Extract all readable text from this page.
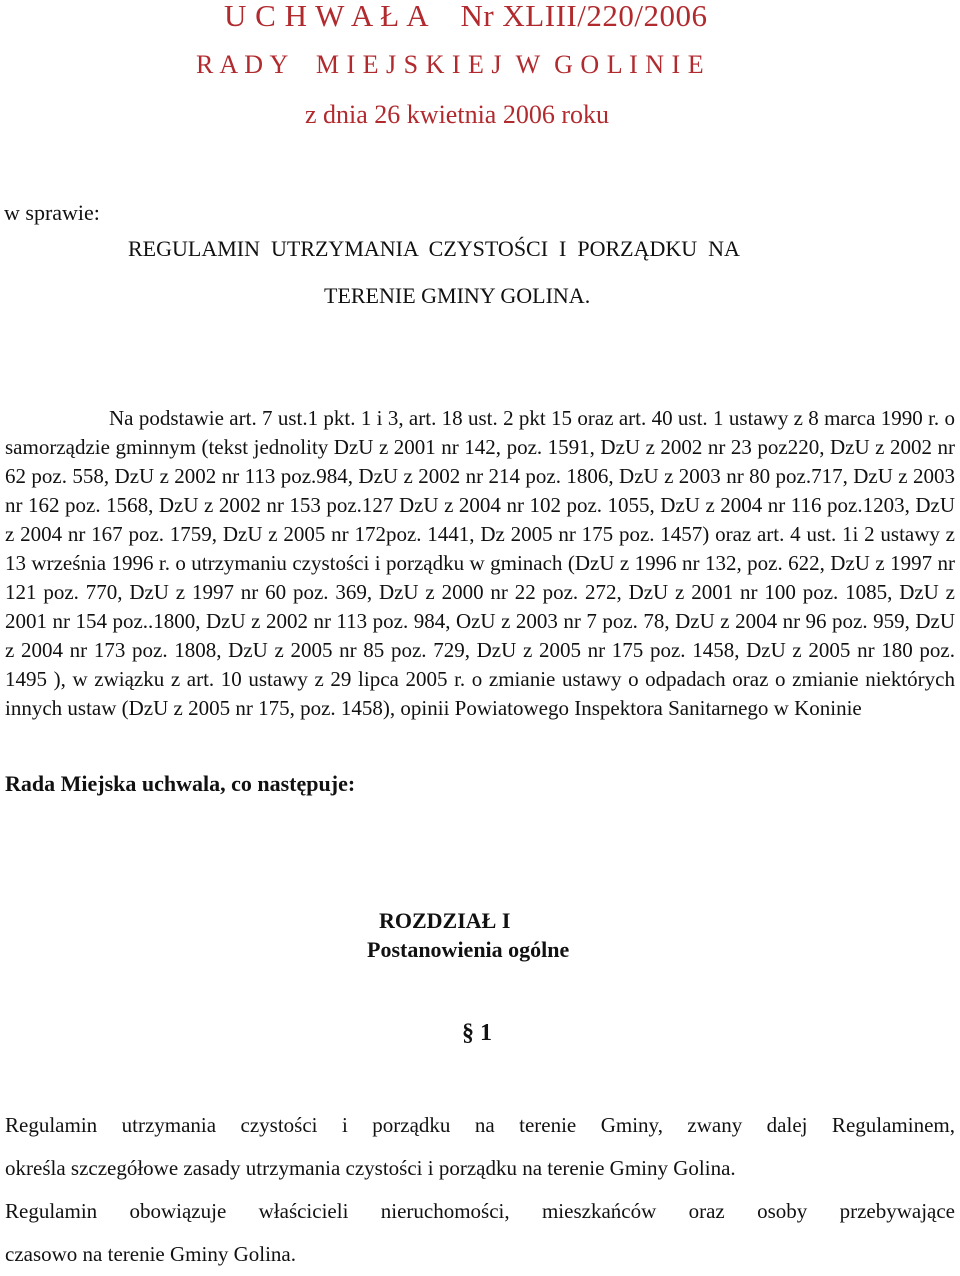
U C H W A Ł A    Nr XLIII/220/2006
R A D Y    M I E J S K I E J  W  G O L I N I E
z dnia 26 kwietnia 2006 roku
w sprawie:
REGULAMIN  UTRZYMANIA  CZYSTOŚCI  I  PORZĄDKU  NA
TERENIE GMINY GOLINA.
Na podstawie art. 7 ust.1 pkt. 1 i 3, art. 18 ust. 2 pkt 15 oraz art. 40 ust. 1 ustawy z 8 marca 1990 r. o samorządzie gminnym (tekst jednolity DzU z 2001 nr 142, poz. 1591, DzU z 2002 nr 23 poz220, DzU z 2002 nr 62 poz. 558, DzU z 2002 nr 113 poz.984, DzU z 2002 nr 214 poz. 1806, DzU z 2003 nr 80 poz.717, DzU z 2003 nr 162 poz. 1568, DzU z 2002 nr 153 poz.127 DzU z 2004 nr 102 poz. 1055, DzU z 2004 nr 116 poz.1203, DzU z 2004 nr 167 poz. 1759, DzU z 2005 nr 172poz. 1441, Dz 2005 nr 175 poz. 1457) oraz art. 4 ust. 1i 2 ustawy z 13 września 1996 r. o utrzymaniu czystości i porządku w gminach (DzU z 1996 nr 132, poz. 622, DzU z 1997 nr 121 poz. 770, DzU z 1997 nr 60 poz. 369, DzU z 2000 nr 22 poz. 272, DzU z 2001 nr 100 poz. 1085, DzU z 2001 nr 154 poz..1800, DzU z 2002 nr 113 poz. 984, OzU z 2003 nr 7 poz. 78, DzU z 2004 nr 96 poz. 959, DzU z 2004 nr 173 poz. 1808, DzU z 2005 nr 85 poz. 729, DzU z 2005 nr 175 poz. 1458, DzU z 2005 nr 180 poz. 1495 ), w związku z art. 10 ustawy z 29 lipca 2005 r. o zmianie ustawy o odpadach oraz o zmianie niektórych innych ustaw (DzU z 2005 nr 175, poz. 1458), opinii Powiatowego Inspektora Sanitarnego w Koninie
Rada Miejska uchwala, co następuje:
ROZDZIAŁ I
Postanowienia ogólne
§ 1
Regulamin utrzymania czystości i porządku na terenie Gminy, zwany dalej Regulaminem,
określa szczegółowe zasady utrzymania czystości i porządku na terenie Gminy Golina.
Regulamin obowiązuje właścicieli nieruchomości, mieszkańców oraz osoby przebywające
czasowo na terenie Gminy Golina.
